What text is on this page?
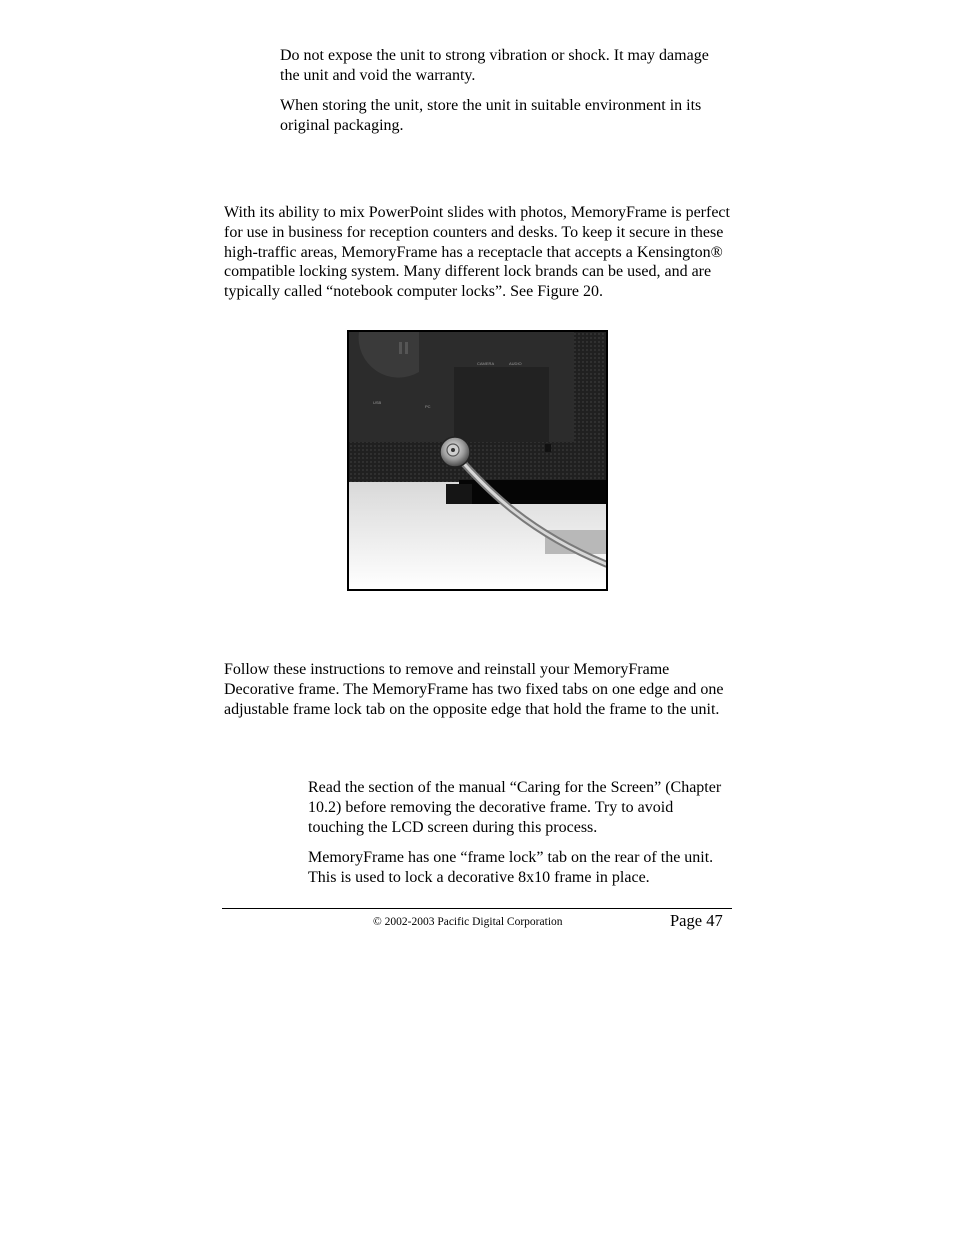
Do not expose the unit to strong vibration or shock. It may damage the unit and void the warranty.

When storing the unit, store the unit in suitable environment in its original packaging.

With its ability to mix PowerPoint slides with photos, MemoryFrame is perfect for use in business for reception counters and desks. To keep it secure in these high-traffic areas, MemoryFrame has a receptacle that accepts a Kensington® compatible locking system. Many different lock brands can be used, and are typically called “notebook computer locks”. See Figure 20.

CAMERA	AUDIO
USB
PC

Follow these instructions to remove and reinstall your MemoryFrame Decorative frame. The MemoryFrame has two fixed tabs on one edge and one adjustable frame lock tab on the opposite edge that hold the frame to the unit.

Read the section of the manual “Caring for the Screen” (Chapter 10.2) before removing the decorative frame. Try to avoid touching the LCD screen during this process.

MemoryFrame has one “frame lock” tab on the rear of the unit. This is used to lock a decorative 8x10 frame in place.

© 2002-2003 Pacific Digital Corporation	Page 47
